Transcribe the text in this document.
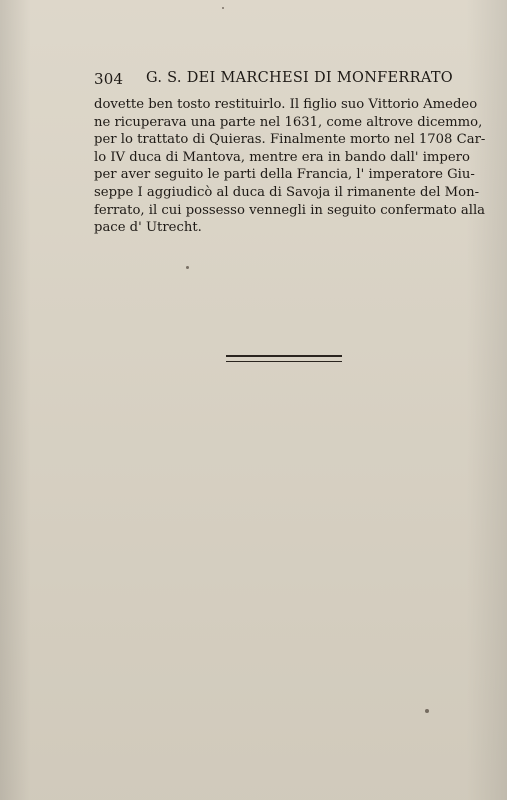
304 G. S. DEI MARCHESI DI MONFERRATO

dovette ben tosto restituirlo. Il figlio suo Vittorio Amedeo
ne ricuperava una parte nel 1631, come altrove dicemmo,
per lo trattato di Quieras. Finalmente morto nel 1708 Car-
lo IV duca di Mantova, mentre era in bando dall' impero
per aver seguito le parti della Francia, l' imperatore Giu-
seppe I aggiudicò al duca di Savoja il rimanente del Mon-
ferrato, il cui possesso vennegli in seguito confermato alla
pace d' Utrecht.
